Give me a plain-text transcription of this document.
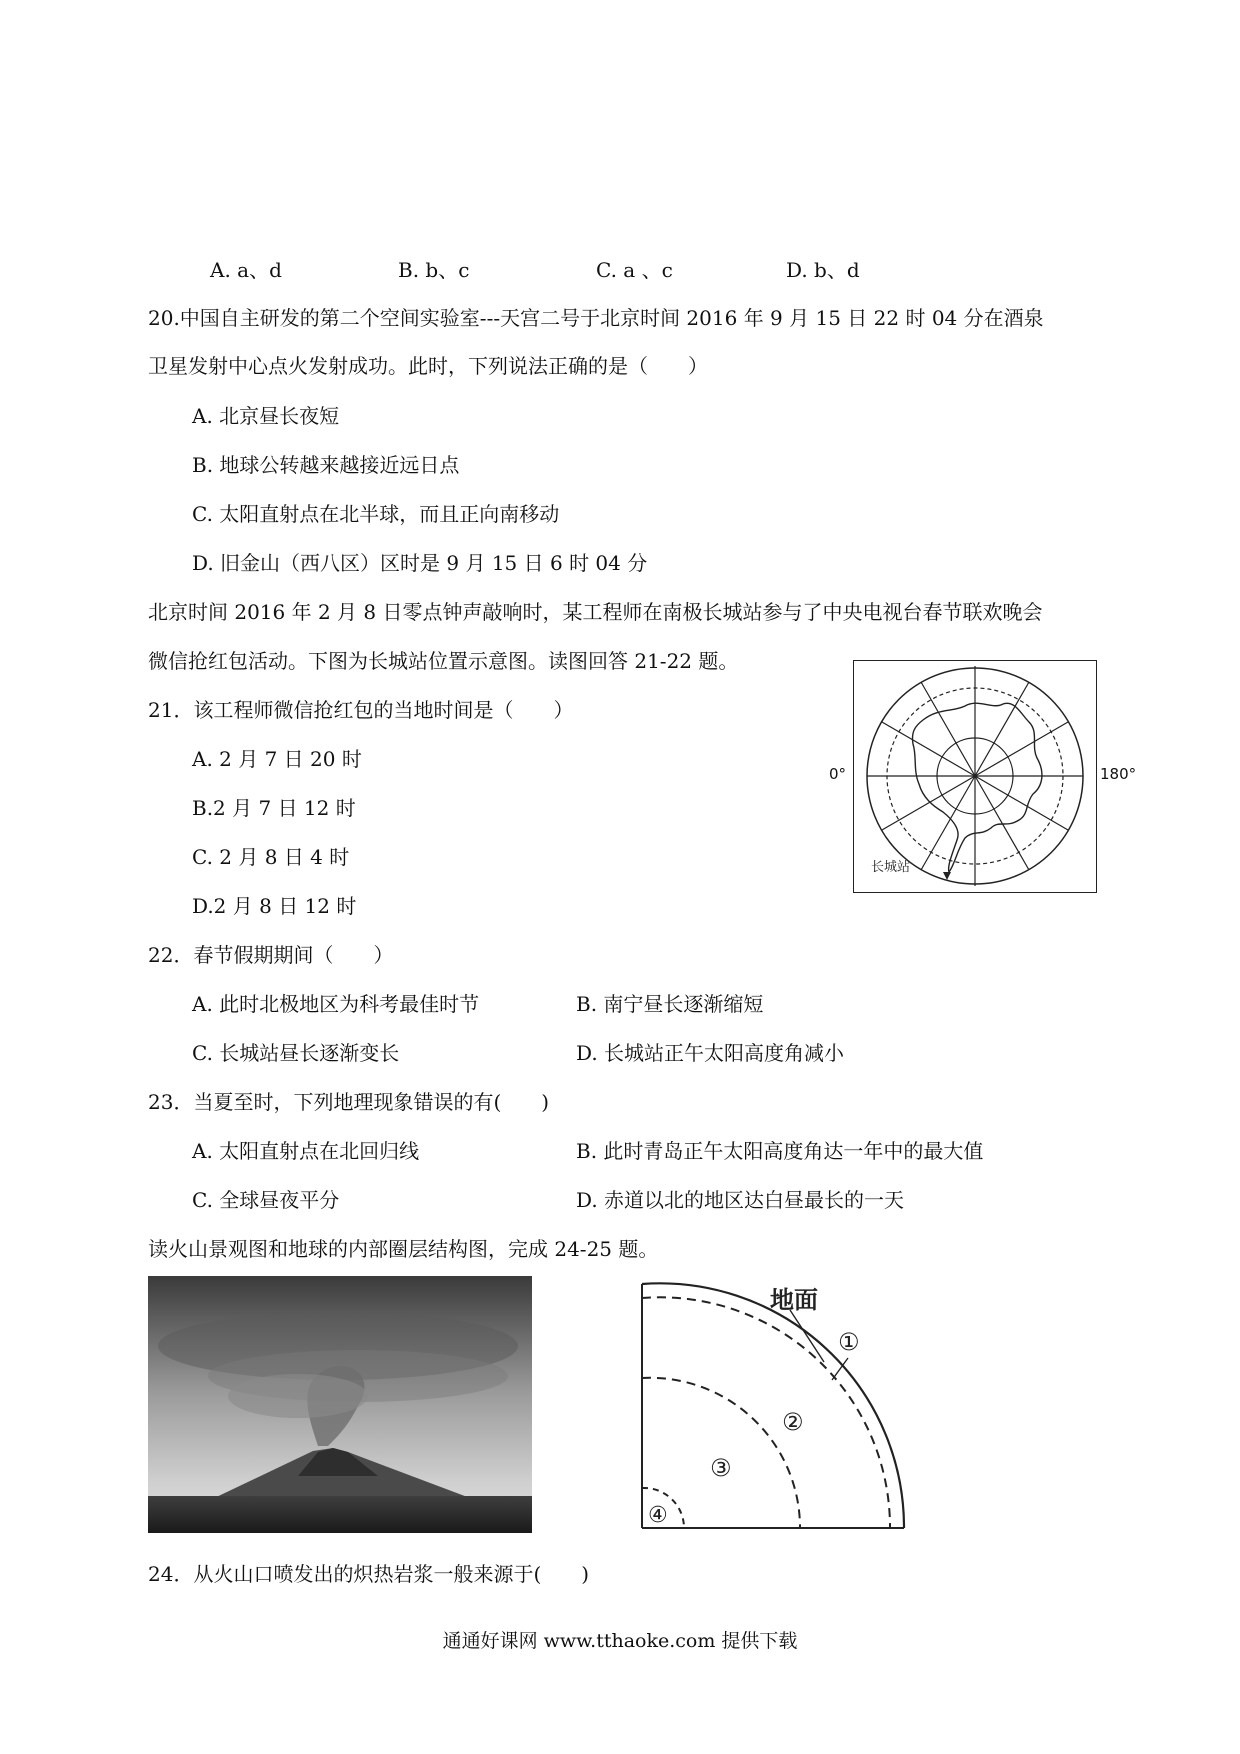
A. a、d	B. b、c	C. a 、c	D. b、d
20.中国自主研发的第二个空间实验室---天宫二号于北京时间 2016 年 9 月 15 日 22 时 04 分在酒泉
卫星发射中心点火发射成功。此时，下列说法正确的是（　　）
A. 北京昼长夜短
B. 地球公转越来越接近远日点
C. 太阳直射点在北半球，而且正向南移动
D. 旧金山（西八区）区时是 9 月 15 日 6 时 04 分
北京时间 2016 年 2 月 8 日零点钟声敲响时，某工程师在南极长城站参与了中央电视台春节联欢晚会
微信抢红包活动。下图为长城站位置示意图。读图回答 21-22 题。
21．该工程师微信抢红包的当地时间是（　　）
A. 2 月 7 日 20 时
B.2 月 7 日 12 时
C. 2 月 8 日 4 时
D.2 月 8 日 12 时
长城站
0°	180°
22．春节假期期间（　　）
A. 此时北极地区为科考最佳时节	B. 南宁昼长逐渐缩短
C. 长城站昼长逐渐变长	D. 长城站正午太阳高度角减小
23．当夏至时，下列地理现象错误的有(　　)
A. 太阳直射点在北回归线	B. 此时青岛正午太阳高度角达一年中的最大值
C. 全球昼夜平分	D. 赤道以北的地区达白昼最长的一天
读火山景观图和地球的内部圈层结构图，完成 24-25 题。
地面
①
②
③
④
24．从火山口喷发出的炽热岩浆一般来源于(　　)
通通好课网 www.tthaoke.com 提供下载
